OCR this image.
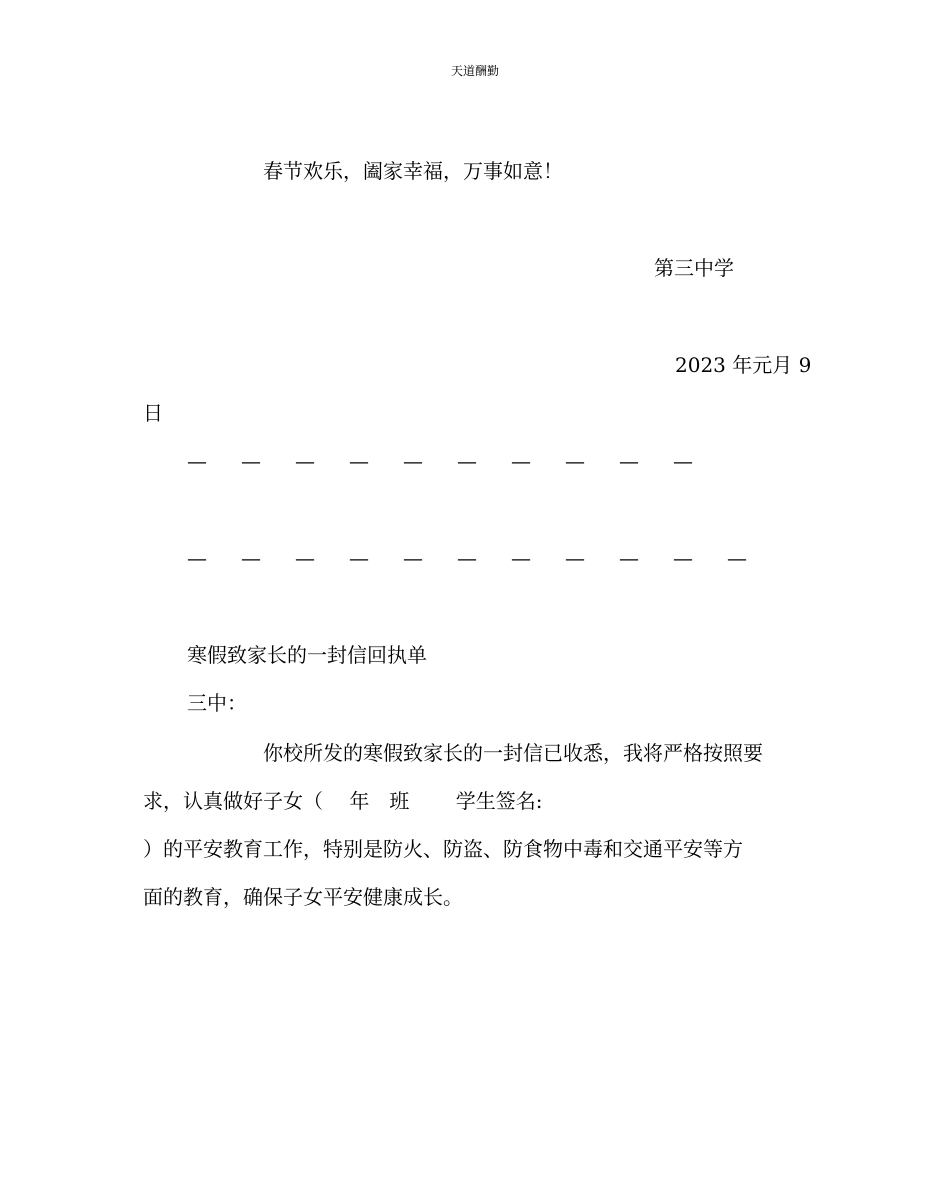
天道酬勤
春节欢乐，阖家幸福，万事如意！
第三中学
2023 年元月 9
日
— — — — — — — — — —
— — — — — — — — — — —
寒假致家长的一封信回执单
三中：
你校所发的寒假致家长的一封信已收悉，我将严格按照要
求，认真做好子女（　 年　班　　 学生签名:
）的平安教育工作，特别是防火、防盗、防食物中毒和交通平安等方
面的教育，确保子女平安健康成长。
